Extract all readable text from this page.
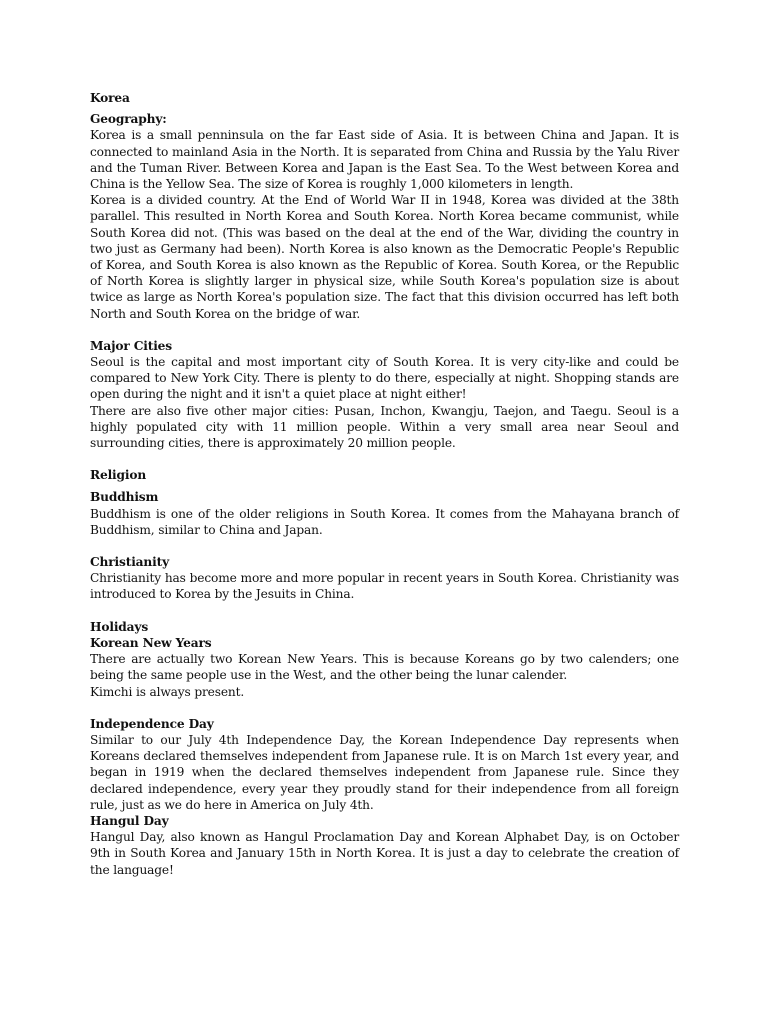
Korea
Geography:

Korea is a small penninsula on the far East side of Asia. It is between China and Japan. It is connected to mainland Asia in the North. It is separated from China and Russia by the Yalu River and the Tuman River. Between Korea and Japan is the East Sea. To the West between Korea and China is the Yellow Sea. The size of Korea is roughly 1,000 kilometers in length.

Korea is a divided country. At the End of World War II in 1948, Korea was divided at the 38th parallel. This resulted in North Korea and South Korea. North Korea became communist, while South Korea did not. (This was based on the deal at the end of the War, dividing the country in two just as Germany had been). North Korea is also known as the Democratic People's Republic of Korea, and South Korea is also known as the Republic of Korea. South Korea, or the Republic of North Korea is slightly larger in physical size, while South Korea's population size is about twice as large as North Korea's population size. The fact that this division occurred has left both North and South Korea on the bridge of war.

Major Cities

Seoul is the capital and most important city of South Korea. It is very city-like and could be compared to New York City. There is plenty to do there, especially at night. Shopping stands are open during the night and it isn't a quiet place at night either!

There are also five other major cities: Pusan, Inchon, Kwangju, Taejon, and Taegu. Seoul is a highly populated city with 11 million people. Within a very small area near Seoul and surrounding cities, there is approximately 20 million people.

Religion
Buddhism

Buddhism is one of the older religions in South Korea. It comes from the Mahayana branch of Buddhism, similar to China and Japan.

Christianity

Christianity has become more and more popular in recent years in South Korea. Christianity was introduced to Korea by the Jesuits in China.

Holidays
Korean New Years

There are actually two Korean New Years. This is because Koreans go by two calenders; one being the same people use in the West, and the other being the lunar calender.

Kimchi is always present.

Independence Day

Similar to our July 4th Independence Day, the Korean Independence Day represents when Koreans declared themselves independent from Japanese rule. It is on March 1st every year, and began in 1919 when the declared themselves independent from Japanese rule. Since they declared independence, every year they proudly stand for their independence from all foreign rule, just as we do here in America on July 4th.

Hangul Day

Hangul Day, also known as Hangul Proclamation Day and Korean Alphabet Day, is on October 9th in South Korea and January 15th in North Korea. It is just a day to celebrate the creation of the language!
